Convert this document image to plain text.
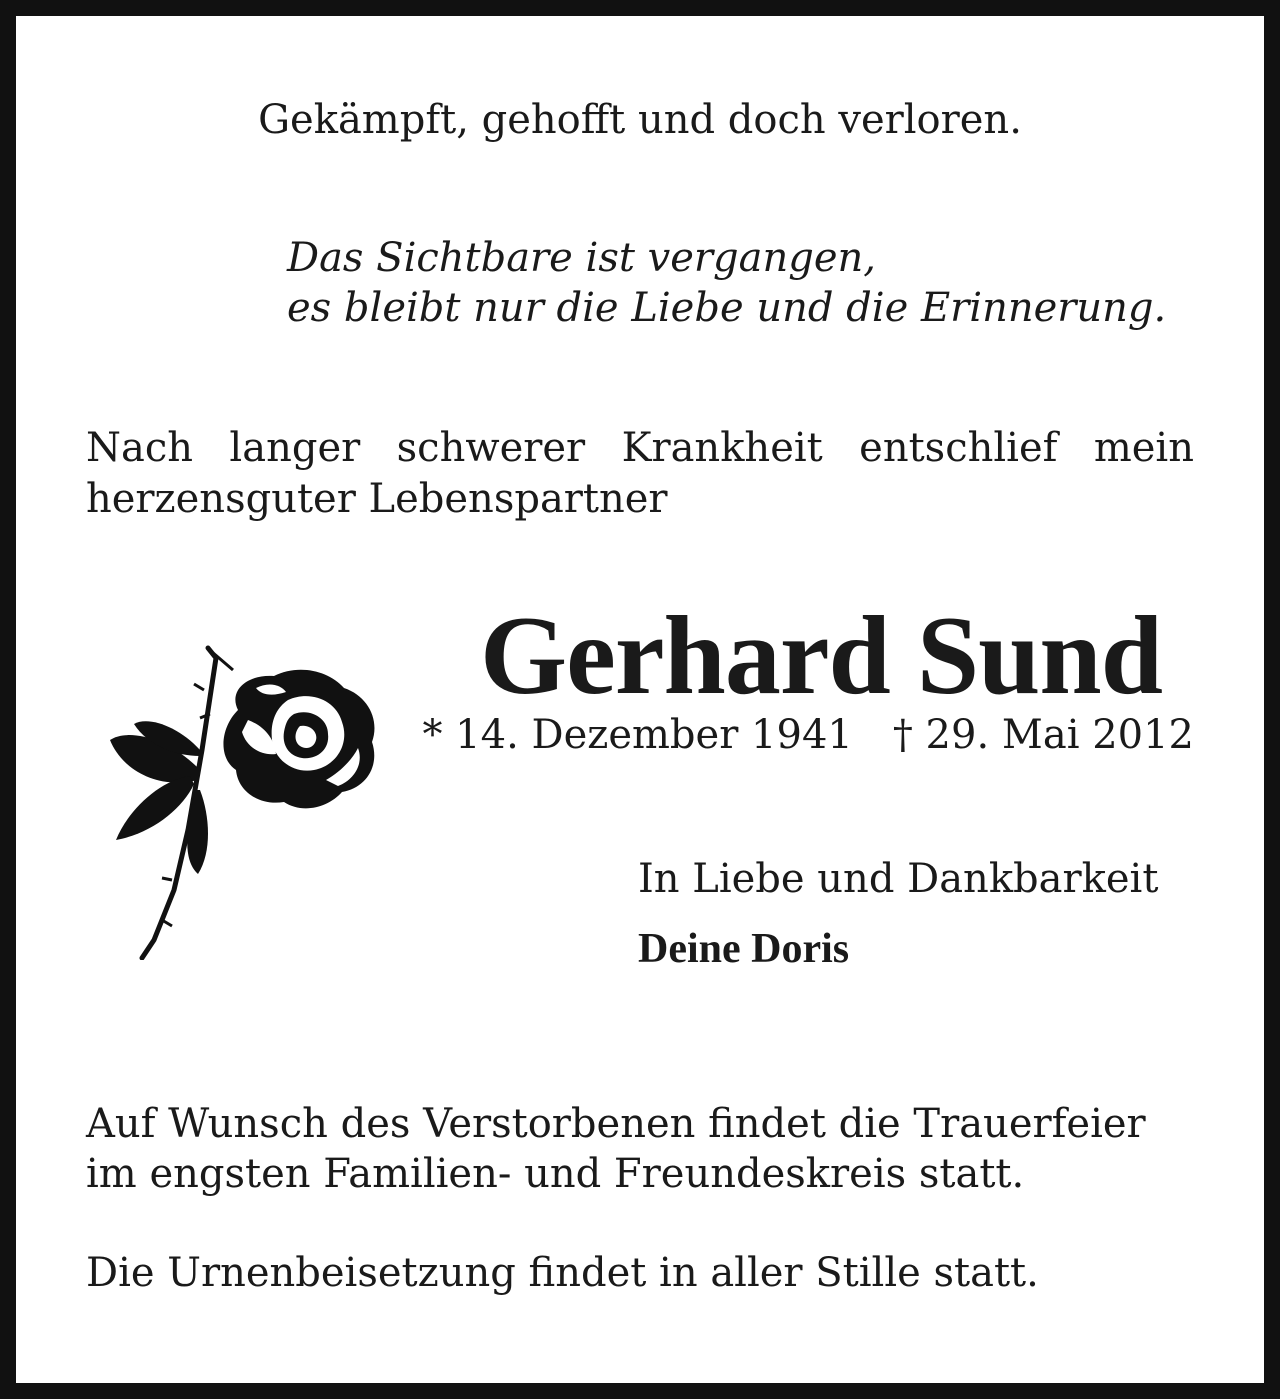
Gekämpft, gehofft und doch verloren.
Das Sichtbare ist vergangen,
es bleibt nur die Liebe und die Erinnerung.
Nach langer schwerer Krankheit entschlief mein herzensguter Lebenspartner
Gerhard Sund
* 14. Dezember 1941 † 29. Mai 2012
In Liebe und Dankbarkeit
Deine Doris
Auf Wunsch des Verstorbenen findet die Trauerfeier im engsten Familien- und Freundeskreis statt.
Die Urnenbeisetzung findet in aller Stille statt.
